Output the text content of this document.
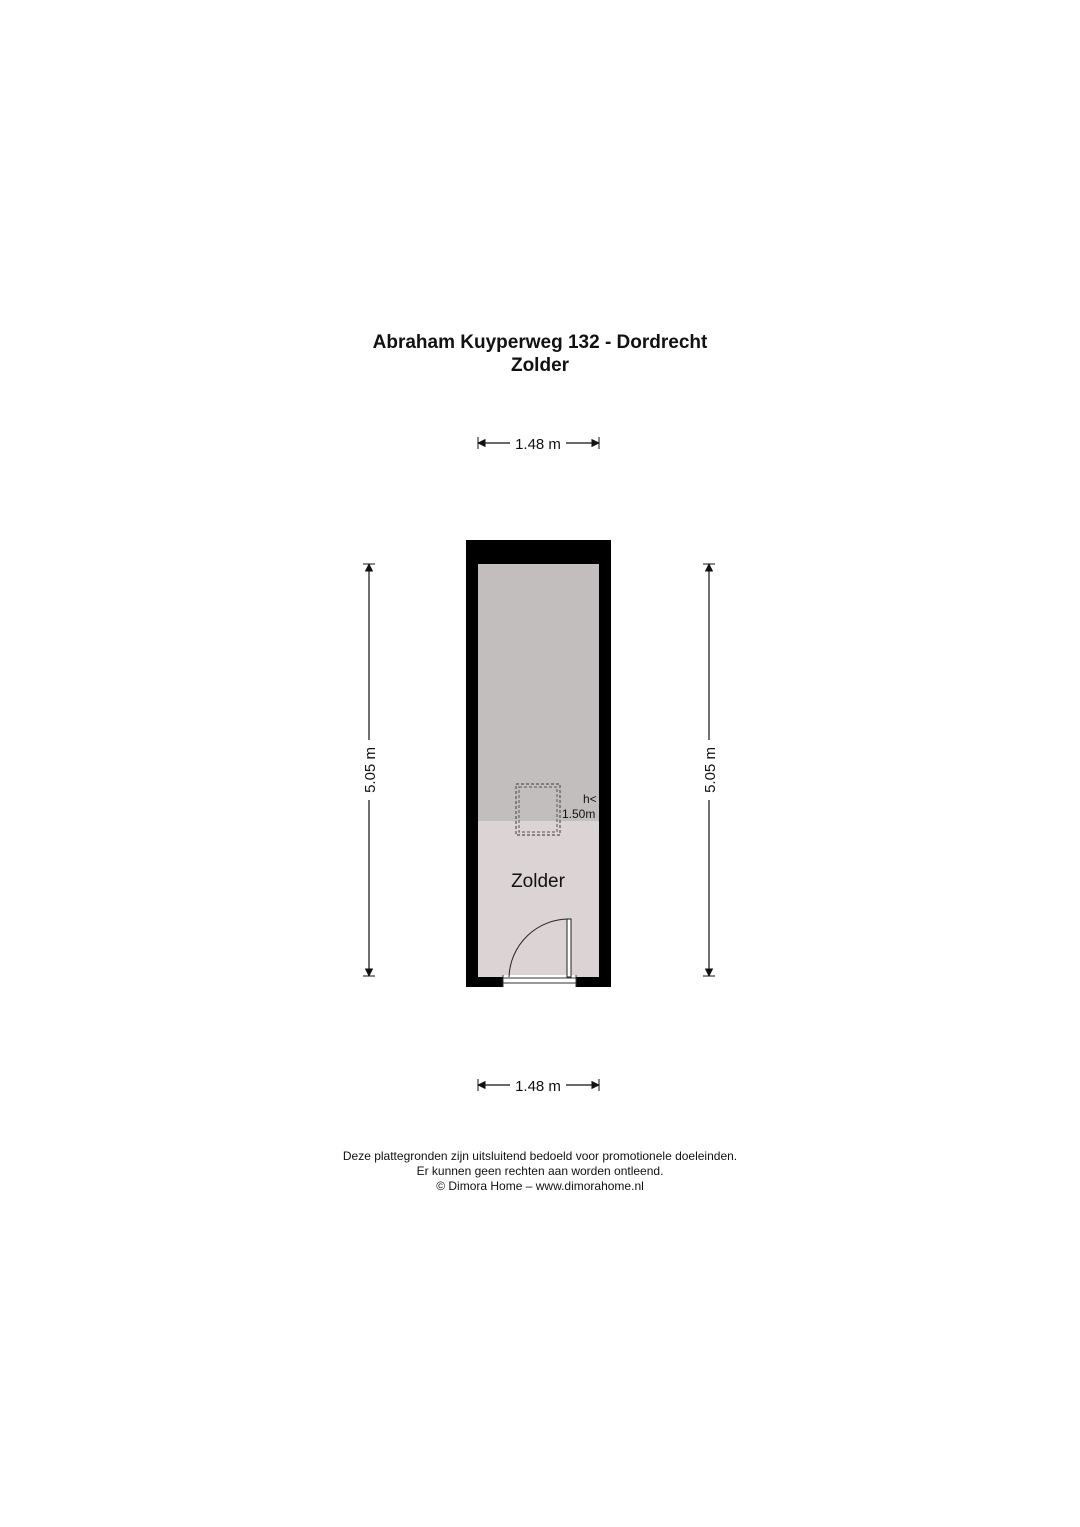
Abraham Kuyperweg 132 - Dordrecht
Zolder
Zolder
h<
1.50m
1.48 m
1.48 m
5.05 m	5.05 m
Deze plattegronden zijn uitsluitend bedoeld voor promotionele doeleinden.
Er kunnen geen rechten aan worden ontleend.
© Dimora Home – www.dimorahome.nl
